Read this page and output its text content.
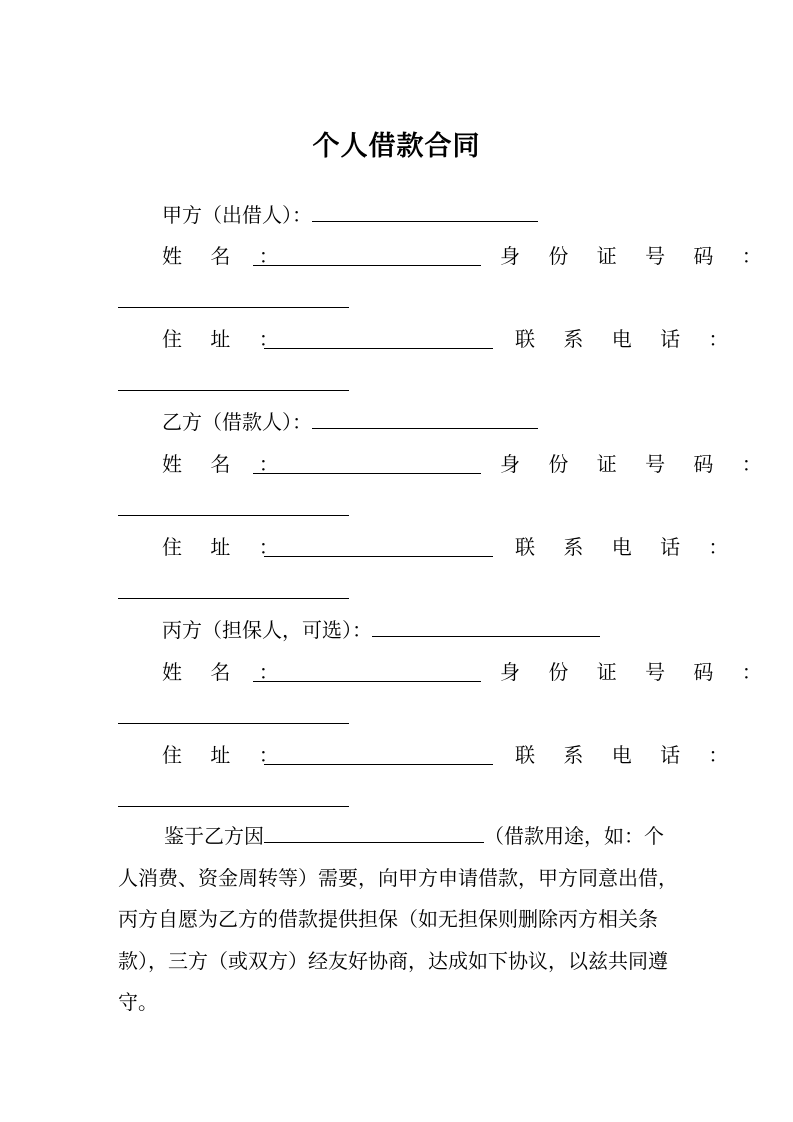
个人借款合同
甲方（出借人）：
姓 名 ：	身 份 证 号 码 ：
住 址 ：	联 系 电 话 ：
乙方（借款人）：
姓 名 ：	身 份 证 号 码 ：
住 址 ：	联 系 电 话 ：
丙方（担保人，可选）：
姓 名 ：	身 份 证 号 码 ：
住 址 ：	联 系 电 话 ：
鉴于乙方因	（借款用途，如：个人消费、资金周转等）需要，向甲方申请借款，甲方同意出借，丙方自愿为乙方的借款提供担保（如无担保则删除丙方相关条款），三方（或双方）经友好协商，达成如下协议，以兹共同遵守。
